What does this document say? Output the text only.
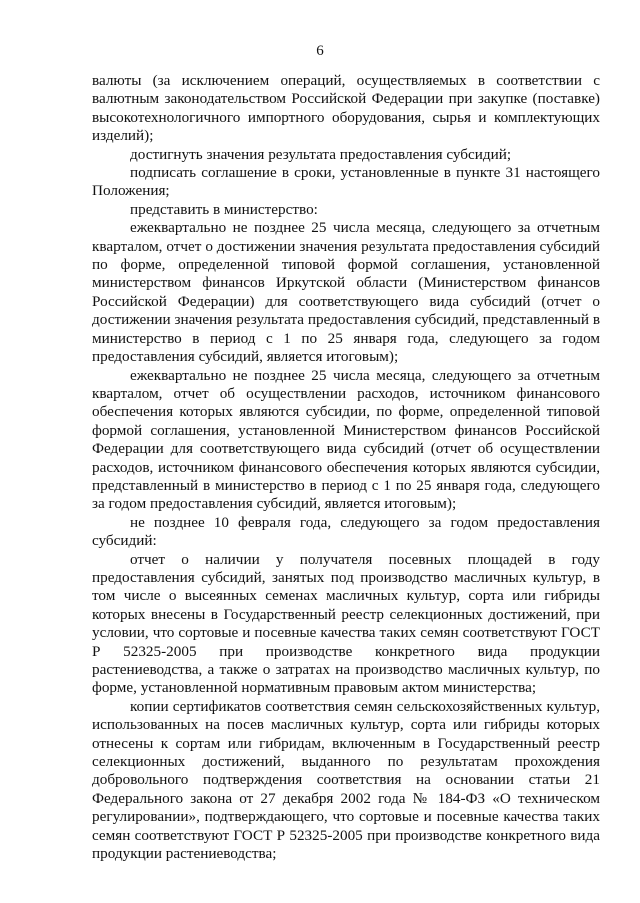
6

валюты (за исключением операций, осуществляемых в соответствии с валютным законодательством Российской Федерации при закупке (поставке) высокотехнологичного импортного оборудования, сырья и комплектующих изделий);

достигнуть значения результата предоставления субсидий;

подписать соглашение в сроки, установленные в пункте 31 настоящего Положения;

представить в министерство:

ежеквартально не позднее 25 числа месяца, следующего за отчетным кварталом, отчет о достижении значения результата предоставления субсидий по форме, определенной типовой формой соглашения, установленной министерством финансов Иркутской области (Министерством финансов Российской Федерации) для соответствующего вида субсидий (отчет о достижении значения результата предоставления субсидий, представленный в министерство в период с 1 по 25 января года, следующего за годом предоставления субсидий, является итоговым);

ежеквартально не позднее 25 числа месяца, следующего за отчетным кварталом, отчет об осуществлении расходов, источником финансового обеспечения которых являются субсидии, по форме, определенной типовой формой соглашения, установленной Министерством финансов Российской Федерации для соответствующего вида субсидий (отчет об осуществлении расходов, источником финансового обеспечения которых являются субсидии, представленный в министерство в период с 1 по 25 января года, следующего за годом предоставления субсидий, является итоговым);

не позднее 10 февраля года, следующего за годом предоставления субсидий:

отчет о наличии у получателя посевных площадей в году предоставления субсидий, занятых под производство масличных культур, в том числе о высеянных семенах масличных культур, сорта или гибриды которых внесены в Государственный реестр селекционных достижений, при условии, что сортовые и посевные качества таких семян соответствуют ГОСТ Р 52325-2005 при производстве конкретного вида продукции растениеводства, а также о затратах на производство масличных культур, по форме, установленной нормативным правовым актом министерства;

копии сертификатов соответствия семян сельскохозяйственных культур, использованных на посев масличных культур, сорта или гибриды которых отнесены к сортам или гибридам, включенным в Государственный реестр селекционных достижений, выданного по результатам прохождения добровольного подтверждения соответствия на основании статьи 21 Федерального закона от 27 декабря 2002 года № 184-ФЗ «О техническом регулировании», подтверждающего, что сортовые и посевные качества таких семян соответствуют ГОСТ Р 52325-2005 при производстве конкретного вида продукции растениеводства;
